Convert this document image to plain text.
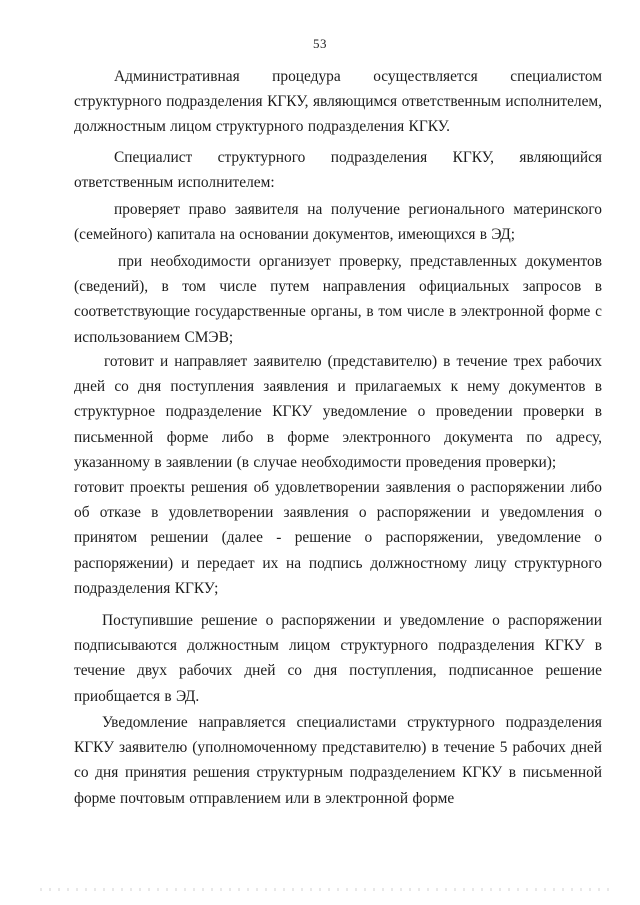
53

Административная процедура осуществляется специалистом структурного подразделения КГКУ, являющимся ответственным исполнителем, должностным лицом структурного подразделения КГКУ.

Специалист структурного подразделения КГКУ, являющийся ответственным исполнителем:

проверяет право заявителя на получение регионального материнского (семейного) капитала на основании документов, имеющихся в ЭД;

при необходимости организует проверку, представленных документов (сведений), в том числе путем направления официальных запросов в соответствующие государственные органы, в том числе в электронной форме с использованием СМЭВ;

готовит и направляет заявителю (представителю) в течение трех рабочих дней со дня поступления заявления и прилагаемых к нему документов в структурное подразделение КГКУ уведомление о проведении проверки в письменной форме либо в форме электронного документа по адресу, указанному в заявлении (в случае необходимости проведения проверки);

готовит проекты решения об удовлетворении заявления о распоряжении либо об отказе в удовлетворении заявления о распоряжении и уведомления о принятом решении (далее - решение о распоряжении, уведомление о распоряжении) и передает их на подпись должностному лицу структурного подразделения КГКУ;

Поступившие решение о распоряжении и уведомление о распоряжении подписываются должностным лицом структурного подразделения КГКУ в течение двух рабочих дней со дня поступления, подписанное решение приобщается в ЭД.

Уведомление направляется специалистами структурного подразделения КГКУ заявителю (уполномоченному представителю) в течение 5 рабочих дней со дня принятия решения структурным подразделением КГКУ в письменной форме почтовым отправлением или в электронной форме
